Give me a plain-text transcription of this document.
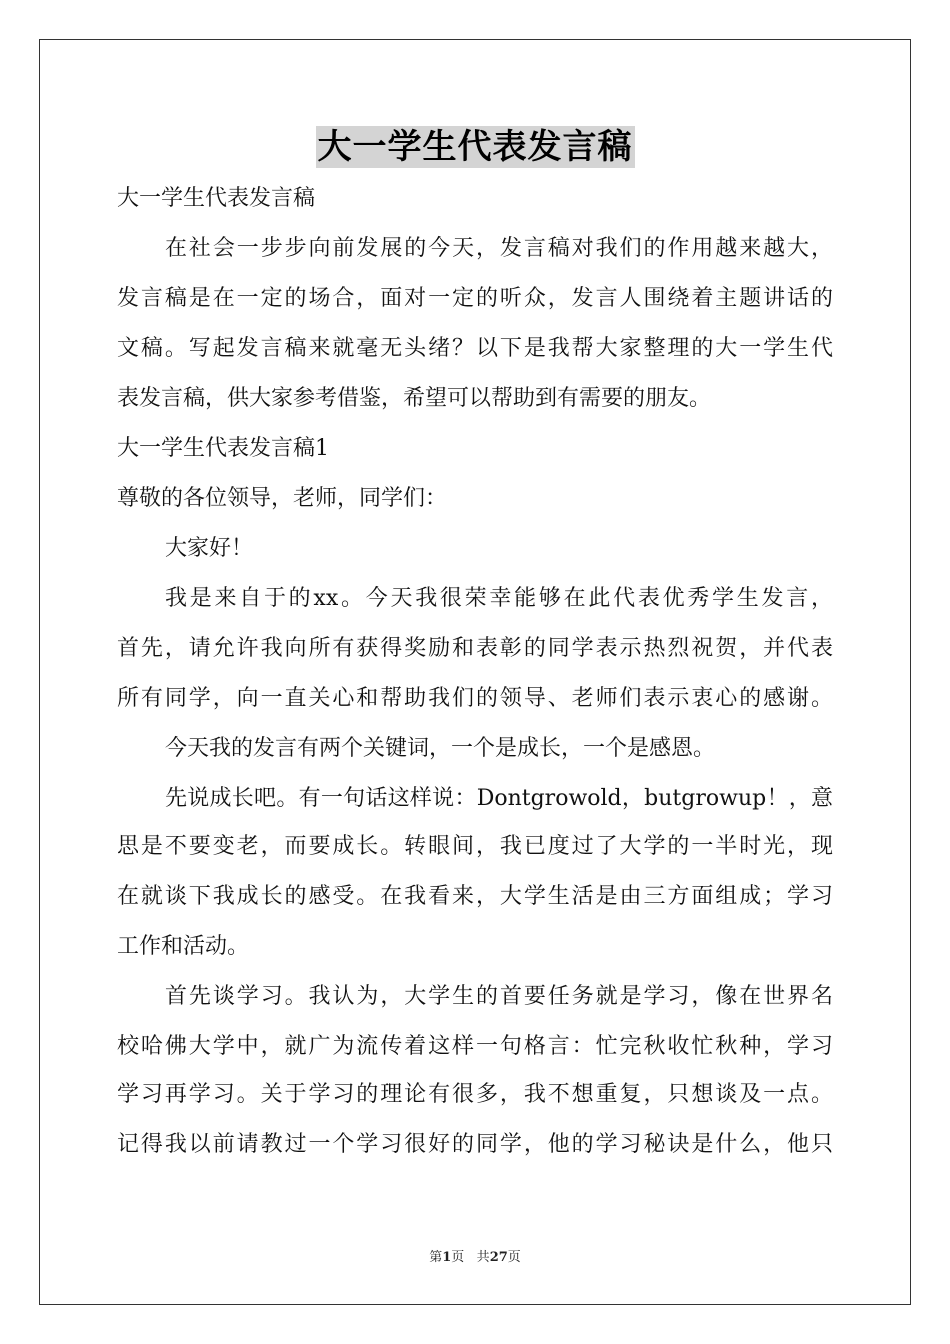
大一学生代表发言稿
大一学生代表发言稿
在社会一步步向前发展的今天，发言稿对我们的作用越来越大，
发言稿是在一定的场合，面对一定的听众，发言人围绕着主题讲话的
文稿。写起发言稿来就毫无头绪？以下是我帮大家整理的大一学生代
表发言稿，供大家参考借鉴，希望可以帮助到有需要的朋友。
大一学生代表发言稿1
尊敬的各位领导，老师，同学们：
大家好！
我是来自于的xx。今天我很荣幸能够在此代表优秀学生发言，
首先，请允许我向所有获得奖励和表彰的同学表示热烈祝贺，并代表
所有同学，向一直关心和帮助我们的领导、老师们表示衷心的感谢。
今天我的发言有两个关键词，一个是成长，一个是感恩。
先说成长吧。有一句话这样说：Dontgrowold，butgrowup！，意
思是不要变老，而要成长。转眼间，我已度过了大学的一半时光，现
在就谈下我成长的感受。在我看来，大学生活是由三方面组成；学习
工作和活动。
首先谈学习。我认为，大学生的首要任务就是学习，像在世界名
校哈佛大学中，就广为流传着这样一句格言：忙完秋收忙秋种，学习
学习再学习。关于学习的理论有很多，我不想重复，只想谈及一点。
记得我以前请教过一个学习很好的同学，他的学习秘诀是什么，他只
第1页 共27页
